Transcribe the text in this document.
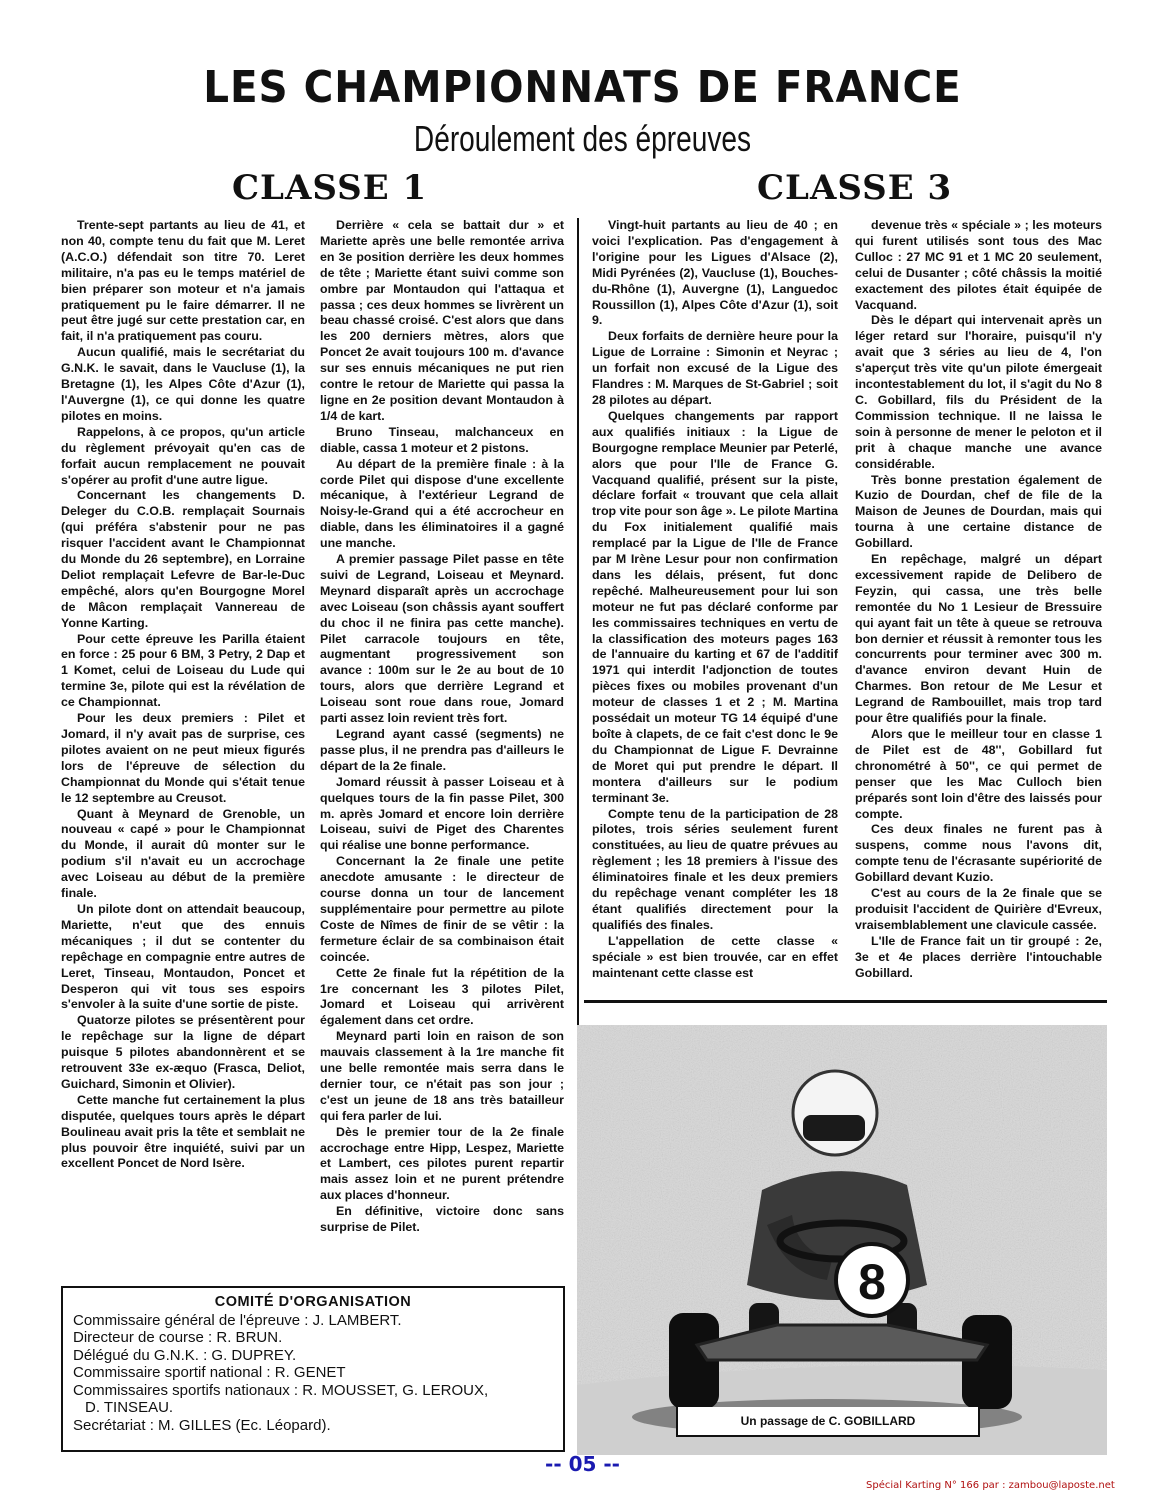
LES CHAMPIONNATS DE FRANCE
Déroulement des épreuves
CLASSE 1	CLASSE 3

Trente-sept partants au lieu de 41, et non 40, compte tenu du fait que M. Leret (A.C.O.) défendait son titre 70. Leret militaire, n'a pas eu le temps matériel de bien préparer son moteur et n'a jamais pratiquement pu le faire démarrer. Il ne peut être jugé sur cette prestation car, en fait, il n'a pratiquement pas couru.

Aucun qualifié, mais le secrétariat du G.N.K. le savait, dans le Vaucluse (1), la Bretagne (1), les Alpes Côte d'Azur (1), l'Auvergne (1), ce qui donne les quatre pilotes en moins.

Rappelons, à ce propos, qu'un article du règlement prévoyait qu'en cas de forfait aucun remplacement ne pouvait s'opérer au profit d'une autre ligue.

Concernant les changements D. Deleger du C.O.B. remplaçait Sournais (qui préféra s'abstenir pour ne pas risquer l'accident avant le Championnat du Monde du 26 septembre), en Lorraine Deliot remplaçait Lefevre de Bar-le-Duc empêché, alors qu'en Bourgogne Morel de Mâcon remplaçait Vannereau de Yonne Karting.

Pour cette épreuve les Parilla étaient en force : 25 pour 6 BM, 3 Petry, 2 Dap et 1 Komet, celui de Loiseau du Lude qui termine 3e, pilote qui est la révélation de ce Championnat.

Pour les deux premiers : Pilet et Jomard, il n'y avait pas de surprise, ces pilotes avaient on ne peut mieux figurés lors de l'épreuve de sélection du Championnat du Monde qui s'était tenue le 12 septembre au Creusot.

Quant à Meynard de Grenoble, un nouveau « capé » pour le Championnat du Monde, il aurait dû monter sur le podium s'il n'avait eu un accrochage avec Loiseau au début de la première finale.

Un pilote dont on attendait beaucoup, Mariette, n'eut que des ennuis mécaniques ; il dut se contenter du repêchage en compagnie entre autres de Leret, Tinseau, Montaudon, Poncet et Desperon qui vit tous ses espoirs s'envoler à la suite d'une sortie de piste.

Quatorze pilotes se présentèrent pour le repêchage sur la ligne de départ puisque 5 pilotes abandonnèrent et se retrouvent 33e ex-æquo (Frasca, Deliot, Guichard, Simonin et Olivier).

Cette manche fut certainement la plus disputée, quelques tours après le départ Boulineau avait pris la tête et semblait ne plus pouvoir être inquiété, suivi par un excellent Poncet de Nord Isère.

Derrière « cela se battait dur » et Mariette après une belle remontée arriva en 3e position derrière les deux hommes de tête ; Mariette étant suivi comme son ombre par Montaudon qui l'attaqua et passa ; ces deux hommes se livrèrent un beau chassé croisé. C'est alors que dans les 200 derniers mètres, alors que Poncet 2e avait toujours 100 m. d'avance sur ses ennuis mécaniques ne put rien contre le retour de Mariette qui passa la ligne en 2e position devant Montaudon à 1/4 de kart.

Bruno Tinseau, malchanceux en diable, cassa 1 moteur et 2 pistons.

Au départ de la première finale : à la corde Pilet qui dispose d'une excellente mécanique, à l'extérieur Legrand de Noisy-le-Grand qui a été accrocheur en diable, dans les éliminatoires il a gagné une manche.

A premier passage Pilet passe en tête suivi de Legrand, Loiseau et Meynard. Meynard disparaît après un accrochage avec Loiseau (son châssis ayant souffert du choc il ne finira pas cette manche). Pilet carracole toujours en tête, augmentant progressivement son avance : 100m sur le 2e au bout de 10 tours, alors que derrière Legrand et Loiseau sont roue dans roue, Jomard parti assez loin revient très fort.

Legrand ayant cassé (segments) ne passe plus, il ne prendra pas d'ailleurs le départ de la 2e finale.

Jomard réussit à passer Loiseau et à quelques tours de la fin passe Pilet, 300 m. après Jomard et encore loin derrière Loiseau, suivi de Piget des Charentes qui réalise une bonne performance.

Concernant la 2e finale une petite anecdote amusante : le directeur de course donna un tour de lancement supplémentaire pour permettre au pilote Coste de Nîmes de finir de se vêtir : la fermeture éclair de sa combinaison était coincée.

Cette 2e finale fut la répétition de la 1re concernant les 3 pilotes Pilet, Jomard et Loiseau qui arrivèrent également dans cet ordre.

Meynard parti loin en raison de son mauvais classement à la 1re manche fit une belle remontée mais serra dans le dernier tour, ce n'était pas son jour ; c'est un jeune de 18 ans très batailleur qui fera parler de lui.

Dès le premier tour de la 2e finale accrochage entre Hipp, Lespez, Mariette et Lambert, ces pilotes purent repartir mais assez loin et ne purent prétendre aux places d'honneur.

En définitive, victoire donc sans surprise de Pilet.

Vingt-huit partants au lieu de 40 ; en voici l'explication. Pas d'engagement à l'origine pour les Ligues d'Alsace (2), Midi Pyrénées (2), Vaucluse (1), Bouches-du-Rhône (1), Auvergne (1), Languedoc Roussillon (1), Alpes Côte d'Azur (1), soit 9.

Deux forfaits de dernière heure pour la Ligue de Lorraine : Simonin et Neyrac ; un forfait non excusé de la Ligue des Flandres : M. Marques de St-Gabriel ; soit 28 pilotes au départ.

Quelques changements par rapport aux qualifiés initiaux : la Ligue de Bourgogne remplace Meunier par Peterlé, alors que pour l'Ile de France G. Vacquand qualifié, présent sur la piste, déclare forfait « trouvant que cela allait trop vite pour son âge ». Le pilote Martina du Fox initialement qualifié mais remplacé par la Ligue de l'Ile de France par M Irène Lesur pour non confirmation dans les délais, présent, fut donc repêché. Malheureusement pour lui son moteur ne fut pas déclaré conforme par les commissaires techniques en vertu de la classification des moteurs pages 163 de l'annuaire du karting et 67 de l'additif 1971 qui interdit l'adjonction de toutes pièces fixes ou mobiles provenant d'un moteur de classes 1 et 2 ; M. Martina possédait un moteur TG 14 équipé d'une boîte à clapets, de ce fait c'est donc le 9e du Championnat de Ligue F. Devrainne de Moret qui put prendre le départ. Il montera d'ailleurs sur le podium terminant 3e.

Compte tenu de la participation de 28 pilotes, trois séries seulement furent constituées, au lieu de quatre prévues au règlement ; les 18 premiers à l'issue des éliminatoires finale et les deux premiers du repêchage venant compléter les 18 étant qualifiés directement pour la qualifiés des finales.

L'appellation de cette classe « spéciale » est bien trouvée, car en effet maintenant cette classe est

devenue très « spéciale » ; les moteurs qui furent utilisés sont tous des Mac Culloc : 27 MC 91 et 1 MC 20 seulement, celui de Dusanter ; côté châssis la moitié exactement des pilotes était équipée de Vacquand.

Dès le départ qui intervenait après un léger retard sur l'horaire, puisqu'il n'y avait que 3 séries au lieu de 4, l'on s'aperçut très vite qu'un pilote émergeait incontestablement du lot, il s'agit du No 8 C. Gobillard, fils du Président de la Commission technique. Il ne laissa le soin à personne de mener le peloton et il prit à chaque manche une avance considérable.

Très bonne prestation également de Kuzio de Dourdan, chef de file de la Maison de Jeunes de Dourdan, mais qui tourna à une certaine distance de Gobillard.

En repêchage, malgré un départ excessivement rapide de Delibero de Feyzin, qui cassa, une très belle remontée du No 1 Lesieur de Bressuire qui ayant fait un tête à queue se retrouva bon dernier et réussit à remonter tous les concurrents pour terminer avec 300 m. d'avance environ devant Huin de Charmes. Bon retour de Me Lesur et Legrand de Rambouillet, mais trop tard pour être qualifiés pour la finale.

Alors que le meilleur tour en classe 1 de Pilet est de 48'', Gobillard fut chronométré à 50'', ce qui permet de penser que les Mac Culloch bien préparés sont loin d'être des laissés pour compte.

Ces deux finales ne furent pas à suspens, comme nous l'avons dit, compte tenu de l'écrasante supériorité de Gobillard devant Kuzio.

C'est au cours de la 2e finale que se produisit l'accident de Quirière d'Evreux, vraisemblablement une clavicule cassée.

L'Ile de France fait un tir groupé : 2e, 3e et 4e places derrière l'intouchable Gobillard.

8
Un passage de C. GOBILLARD
COMITÉ D'ORGANISATION
Commissaire général de l'épreuve : J. LAMBERT.
Directeur de course : R. BRUN.
Délégué du G.N.K. : G. DUPREY.
Commissaire sportif national : R. GENET
Commissaires sportifs nationaux : R. MOUSSET, G. LEROUX,
D. TINSEAU.
Secrétariat : M. GILLES (Ec. Léopard).
-- 05 --
Spécial Karting N° 166 par : zambou@laposte.net
